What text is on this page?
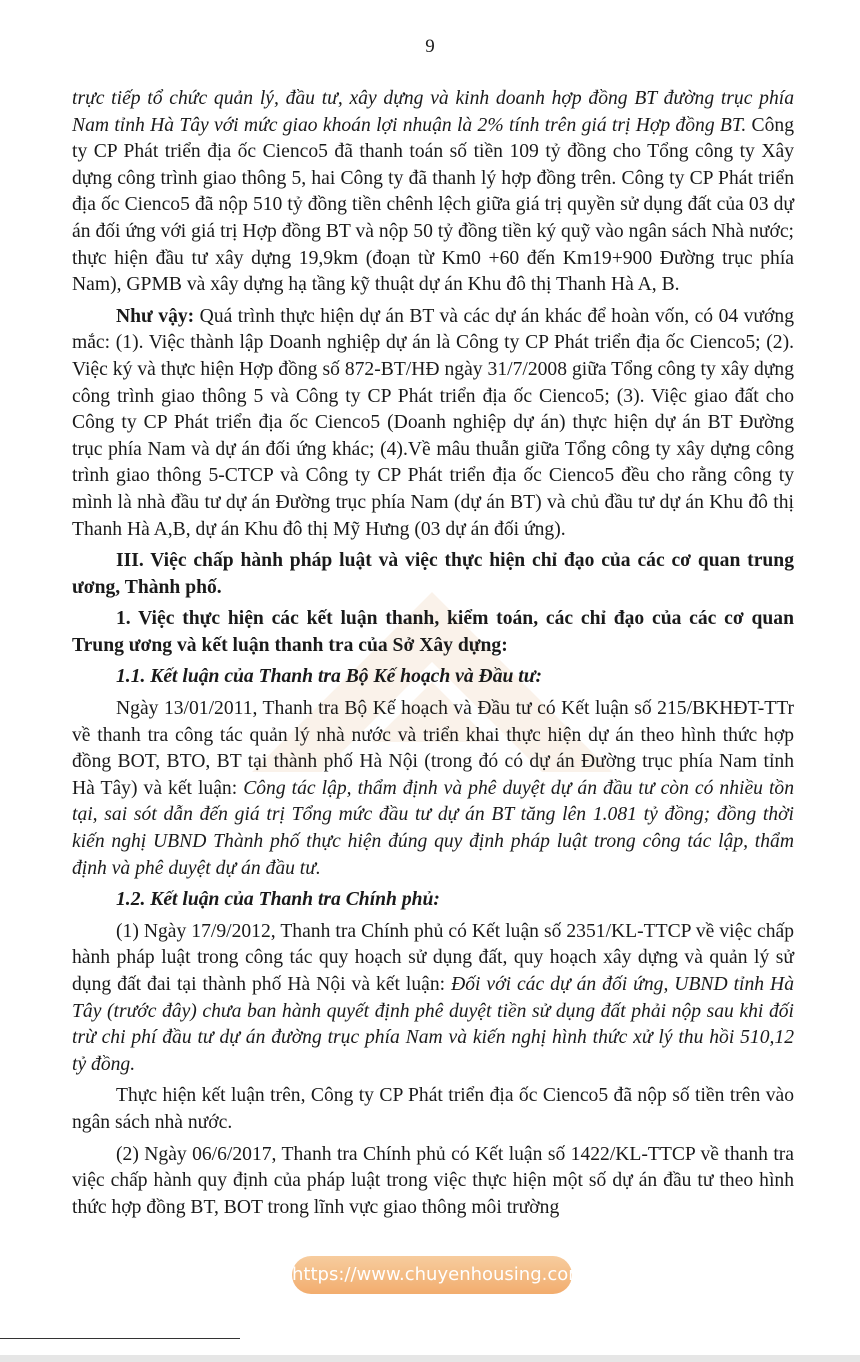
9

trực tiếp tổ chức quản lý, đầu tư, xây dựng và kinh doanh hợp đồng BT đường trục phía Nam tỉnh Hà Tây với mức giao khoán lợi nhuận là 2% tính trên giá trị Hợp đồng BT. Công ty CP Phát triển địa ốc Cienco5 đã thanh toán số tiền 109 tỷ đồng cho Tổng công ty Xây dựng công trình giao thông 5, hai Công ty đã thanh lý hợp đồng trên. Công ty CP Phát triển địa ốc Cienco5 đã nộp 510 tỷ đồng tiền chênh lệch giữa giá trị quyền sử dụng đất của 03 dự án đối ứng với giá trị Hợp đồng BT và nộp 50 tỷ đồng tiền ký quỹ vào ngân sách Nhà nước; thực hiện đầu tư xây dựng 19,9km (đoạn từ Km0 +60 đến Km19+900 Đường trục phía Nam), GPMB và xây dựng hạ tầng kỹ thuật dự án Khu đô thị Thanh Hà A, B.

Như vậy: Quá trình thực hiện dự án BT và các dự án khác để hoàn vốn, có 04 vướng mắc: (1). Việc thành lập Doanh nghiệp dự án là Công ty CP Phát triển địa ốc Cienco5; (2). Việc ký và thực hiện Hợp đồng số 872-BT/HĐ ngày 31/7/2008 giữa Tổng công ty xây dựng công trình giao thông 5 và Công ty CP Phát triển địa ốc Cienco5; (3). Việc giao đất cho Công ty CP Phát triển địa ốc Cienco5 (Doanh nghiệp dự án) thực hiện dự án BT Đường trục phía Nam và dự án đối ứng khác; (4).Về mâu thuẫn giữa Tổng công ty xây dựng công trình giao thông 5-CTCP và Công ty CP Phát triển địa ốc Cienco5 đều cho rằng công ty mình là nhà đầu tư dự án Đường trục phía Nam (dự án BT) và chủ đầu tư dự án Khu đô thị Thanh Hà A,B, dự án Khu đô thị Mỹ Hưng (03 dự án đối ứng).

III. Việc chấp hành pháp luật và việc thực hiện chỉ đạo của các cơ quan trung ương, Thành phố.

1. Việc thực hiện các kết luận thanh, kiểm toán, các chỉ đạo của các cơ quan Trung ương và kết luận thanh tra của Sở Xây dựng:

1.1. Kết luận của Thanh tra Bộ Kế hoạch và Đầu tư:

Ngày 13/01/2011, Thanh tra Bộ Kế hoạch và Đầu tư có Kết luận số 215/BKHĐT-TTr về thanh tra công tác quản lý nhà nước và triển khai thực hiện dự án theo hình thức hợp đồng BOT, BTO, BT tại thành phố Hà Nội (trong đó có dự án Đường trục phía Nam tỉnh Hà Tây) và kết luận: Công tác lập, thẩm định và phê duyệt dự án đầu tư còn có nhiều tồn tại, sai sót dẫn đến giá trị Tổng mức đầu tư dự án BT tăng lên 1.081 tỷ đồng; đồng thời kiến nghị UBND Thành phố thực hiện đúng quy định pháp luật trong công tác lập, thẩm định và phê duyệt dự án đầu tư.

1.2. Kết luận của Thanh tra Chính phủ:

(1) Ngày 17/9/2012, Thanh tra Chính phủ có Kết luận số 2351/KL-TTCP về việc chấp hành pháp luật trong công tác quy hoạch sử dụng đất, quy hoạch xây dựng và quản lý sử dụng đất đai tại thành phố Hà Nội và kết luận: Đối với các dự án đối ứng, UBND tỉnh Hà Tây (trước đây) chưa ban hành quyết định phê duyệt tiền sử dụng đất phải nộp sau khi đối trừ chi phí đầu tư dự án đường trục phía Nam và kiến nghị hình thức xử lý thu hồi 510,12 tỷ đồng.

Thực hiện kết luận trên, Công ty CP Phát triển địa ốc Cienco5 đã nộp số tiền trên vào ngân sách nhà nước.

(2) Ngày 06/6/2017, Thanh tra Chính phủ có Kết luận số 1422/KL-TTCP về thanh tra việc chấp hành quy định của pháp luật trong việc thực hiện một số dự án đầu tư theo hình thức hợp đồng BT, BOT trong lĩnh vực giao thông môi trường

https://www.chuyenhousing.com/
